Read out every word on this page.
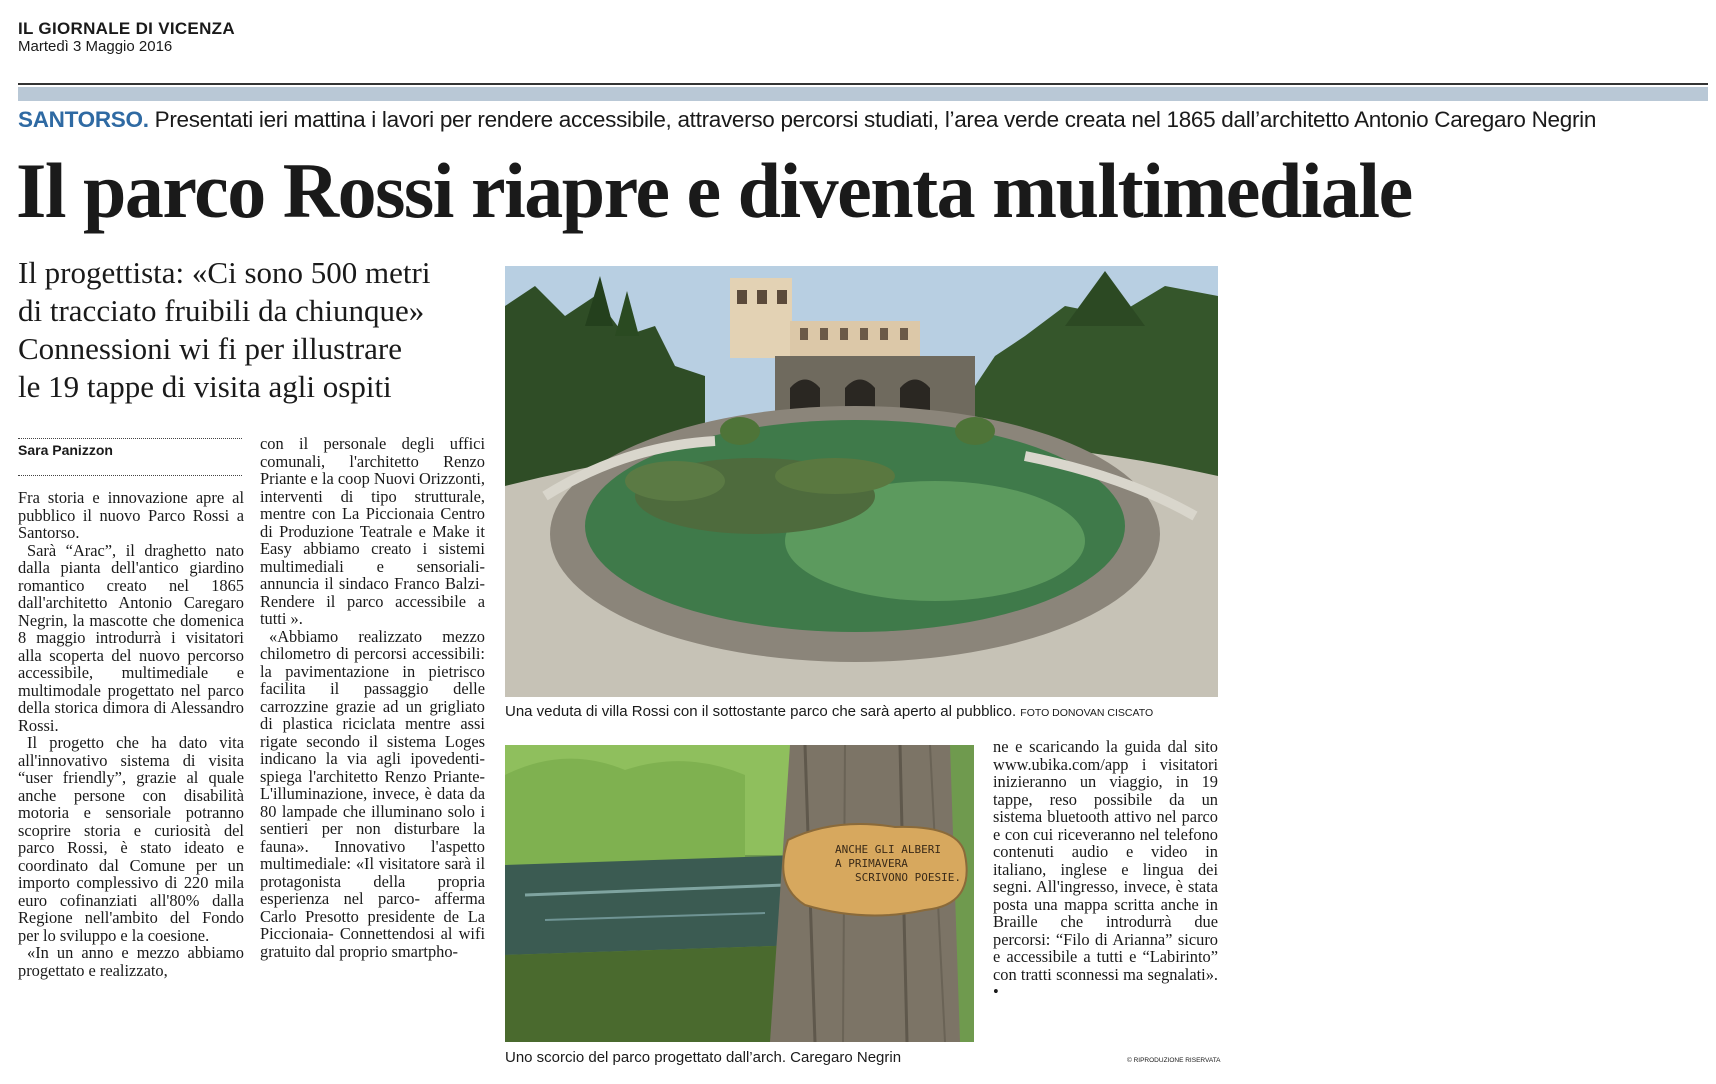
IL GIORNALE DI VICENZA
Martedì 3 Maggio 2016
SANTORSO. Presentati ieri mattina i lavori per rendere accessibile, attraverso percorsi studiati, l’area verde creata nel 1865 dall’architetto Antonio Caregaro Negrin
Il parco Rossi riapre e diventa multimediale
Il progettista: «Ci sono 500 metri
di tracciato fruibili da chiunque»
Connessioni wi fi per illustrare
le 19 tappe di visita agli ospiti
Sara Panizzon

Fra storia e innovazione apre al pubblico il nuovo Parco Rossi a Santorso.

Sarà “Arac”, il draghetto nato dalla pianta dell'antico giardino romantico creato nel 1865 dall'architetto Antonio Caregaro Negrin, la mascotte che domenica 8 maggio introdurrà i visitatori alla scoperta del nuovo percorso accessibile, multimediale e multimodale progettato nel parco della storica dimora di Alessandro Rossi.

Il progetto che ha dato vita all'innovativo sistema di visita “user friendly”, grazie al quale anche persone con disabilità motoria e sensoriale potranno scoprire storia e curiosità del parco Rossi, è stato ideato e coordinato dal Comune per un importo complessivo di 220 mila euro cofinanziati all'80% dalla Regione nell'ambito del Fondo per lo sviluppo e la coesione.

«In un anno e mezzo abbiamo progettato e realizzato,

con il personale degli uffici comunali, l'architetto Renzo Priante e la coop Nuovi Orizzonti, interventi di tipo strutturale, mentre con La Piccionaia Centro di Produzione Teatrale e Make it Easy abbiamo creato i sistemi multimediali e sensoriali- annuncia il sindaco Franco Balzi- Rendere il parco accessibile a tutti ».

«Abbiamo realizzato mezzo chilometro di percorsi accessibili: la pavimentazione in pietrisco facilita il passaggio delle carrozzine grazie ad un grigliato di plastica riciclata mentre assi rigate secondo il sistema Loges indicano la via agli ipovedenti- spiega l'architetto Renzo Priante- L'illuminazione, invece, è data da 80 lampade che illuminano solo i sentieri per non disturbare la fauna». Innovativo l'aspetto multimediale: «Il visitatore sarà il protagonista della propria esperienza nel parco- afferma Carlo Presotto presidente de La Piccionaia- Connettendosi al wifi gratuito dal proprio smartpho-

Una veduta di villa Rossi con il sottostante parco che sarà aperto al pubblico. FOTO DONOVAN CISCATO
ANCHE GLI ALBERI
A PRIMAVERA
SCRIVONO POESIE.
Uno scorcio del parco progettato dall’arch. Caregaro Negrin

ne e scaricando la guida dal sito www.ubika.com/app i visitatori inizieranno un viaggio, in 19 tappe, reso possibile da un sistema bluetooth attivo nel parco e con cui riceveranno nel telefono contenuti audio e video in italiano, inglese e lingua dei segni. All'ingresso, invece, è stata posta una mappa scritta anche in Braille che introdurrà due percorsi: “Filo di Arianna” sicuro e accessibile a tutti e “Labirinto” con tratti sconnessi ma segnalati». •

© RIPRODUZIONE RISERVATA
